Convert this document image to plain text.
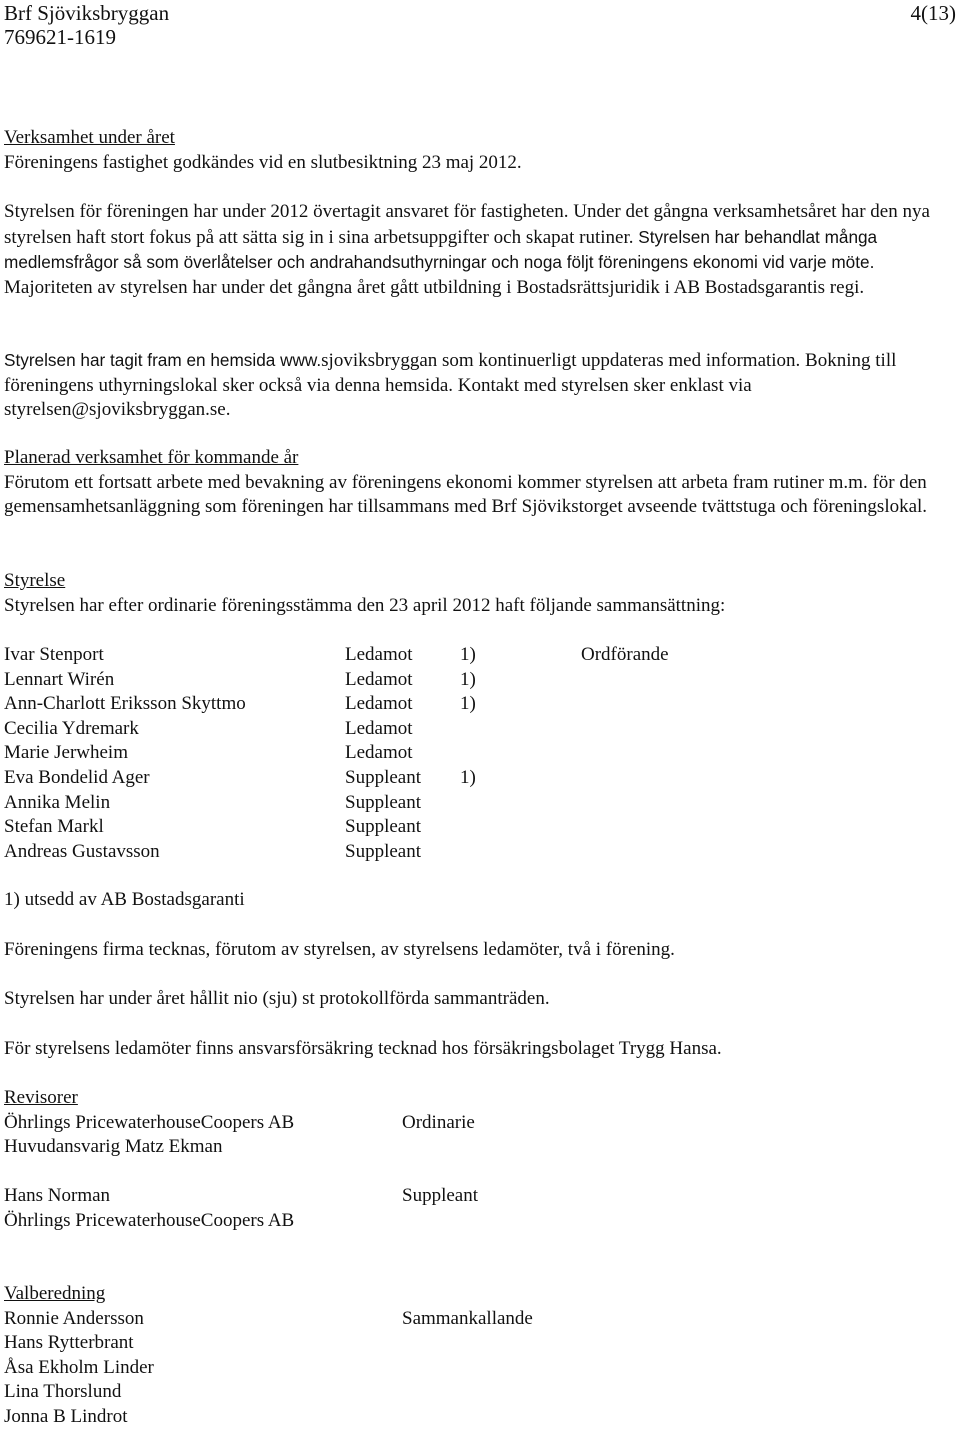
Brf Sjöviksbryggan
769621-1619
4(13)

Verksamhet under året

Föreningens fastighet godkändes vid en slutbesiktning 23 maj 2012.

Styrelsen för föreningen har under 2012 övertagit ansvaret för fastigheten. Under det gångna verksamhetsåret har den nya styrelsen haft stort fokus på att sätta sig in i sina arbetsuppgifter och skapat rutiner. Styrelsen har behandlat många medlemsfrågor så som överlåtelser och andrahandsuthyrningar och noga följt föreningens ekonomi vid varje möte. Majoriteten av styrelsen har under det gångna året gått utbildning i Bostadsrättsjuridik i AB Bostadsgarantis regi.

Styrelsen har tagit fram en hemsida www.sjoviksbryggan som kontinuerligt uppdateras med information. Bokning till föreningens uthyrningslokal sker också via denna hemsida. Kontakt med styrelsen sker enklast via styrelsen@sjoviksbryggan.se.

Planerad verksamhet för kommande år

Förutom ett fortsatt arbete med bevakning av föreningens ekonomi kommer styrelsen att arbeta fram rutiner m.m. för den gemensamhetsanläggning som föreningen har tillsammans med Brf Sjövikstorget avseende tvättstuga och föreningslokal.

Styrelse

Styrelsen har efter ordinarie föreningsstämma den 23 april 2012 haft följande sammansättning:

Ivar Stenport	Ledamot 1)	Ordförande
Lennart Wirén	Ledamot 1)
Ann-Charlott Eriksson Skyttmo	Ledamot 1)
Cecilia Ydremark	Ledamot
Marie Jerwheim	Ledamot
Eva Bondelid Ager	Suppleant 1)
Annika Melin	Suppleant
Stefan Markl	Suppleant
Andreas Gustavsson	Suppleant
1) utsedd av AB Bostadsgaranti
Föreningens firma tecknas, förutom av styrelsen, av styrelsens ledamöter, två i förening.
Styrelsen har under året hållit nio (sju) st protokollförda sammanträden.
För styrelsens ledamöter finns ansvarsförsäkring tecknad hos försäkringsbolaget Trygg Hansa.

Revisorer

Öhrlings PricewaterhouseCoopers AB	Ordinarie
Huvudansvarig Matz Ekman
Hans Norman	Suppleant
Öhrlings PricewaterhouseCoopers AB

Valberedning

Ronnie Andersson	Sammankallande
Hans Rytterbrant
Åsa Ekholm Linder
Lina Thorslund
Jonna B Lindrot
